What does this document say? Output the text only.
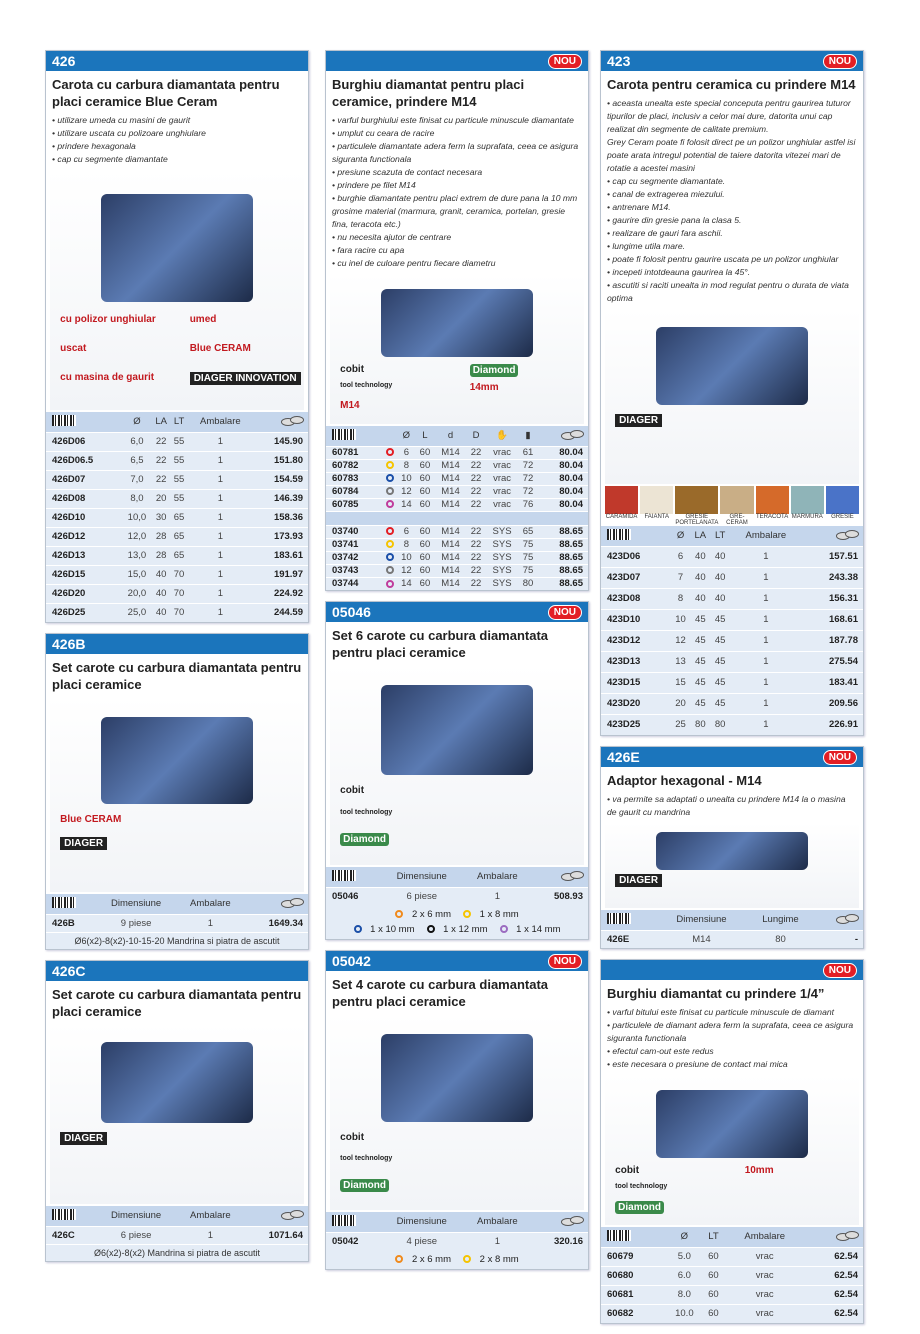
426
Carota cu carbura diamantata pentru placi ceramice Blue Ceram
• utilizare umeda cu masini de gaurit
• utilizare uscata cu polizoare unghiulare
• prindere hexagonala
• cap cu segmente diamantate
cu polizor unghiular
uscat
cu masina de gaurit
umed
Blue CERAM
DIAGER INNOVATION
	Ø	LA	LT	Ambalare	
426D06	6,0	22	55	1	145.90
426D06.5	6,5	22	55	1	151.80
426D07	7,0	22	55	1	154.59
426D08	8,0	20	55	1	146.39
426D10	10,0	30	65	1	158.36
426D12	12,0	28	65	1	173.93
426D13	13,0	28	65	1	183.61
426D15	15,0	40	70	1	191.97
426D20	20,0	40	70	1	224.92
426D25	25,0	40	70	1	244.59
426B
Set carote cu carbura diamantata pentru placi ceramice
Blue CERAM
DIAGER
	Dimensiune	Ambalare	
426B	9 piese	1	1649.34
Ø6(x2)-8(x2)-10-15-20 Mandrina si piatra de ascutit
426C
Set carote cu carbura diamantata pentru placi ceramice
DIAGER
	Dimensiune	Ambalare	
426C	6 piese	1	1071.64
Ø6(x2)-8(x2) Mandrina si piatra de ascutit
NOU
Burghiu diamantat pentru placi ceramice, prindere M14
• varful burghiului este finisat cu particule minuscule diamantate
• umplut cu ceara de racire
• particulele diamantate adera ferm la suprafata, ceea ce asigura siguranta functionala
• presiune scazuta de contact necesara
• prindere pe filet M14
• burghie diamantate pentru placi extrem de dure pana la 10 mm grosime material (marmura, granit, ceramica, portelan, gresie fina, teracota etc.)
• nu necesita ajutor de centrare
• fara racire cu apa
• cu inel de culoare pentru fiecare diametru
cobit
tool technology
M14
Diamond
14mm
		Ø	L	d	D	✋	▮	
60781		6	60	M14	22	vrac	61	80.04
60782		8	60	M14	22	vrac	72	80.04
60783		10	60	M14	22	vrac	72	80.04
60784		12	60	M14	22	vrac	72	80.04
60785		14	60	M14	22	vrac	76	80.04

03740		6	60	M14	22	SYS	65	88.65
03741		8	60	M14	22	SYS	75	88.65
03742		10	60	M14	22	SYS	75	88.65
03743		12	60	M14	22	SYS	75	88.65
03744		14	60	M14	22	SYS	80	88.65
05046	NOU
Set 6 carote cu carbura diamantata pentru placi ceramice
cobit
tool technology
Diamond
	Dimensiune	Ambalare	
05046	6 piese	1	508.93
2 x 6 mm	1 x 8 mm
1 x 10 mm	1 x 12 mm	1 x 14 mm
05042	NOU
Set 4 carote cu carbura diamantata pentru placi ceramice
cobit
tool technology
Diamond
	Dimensiune	Ambalare	
05042	4 piese	1	320.16
2 x 6 mm	2 x 8 mm
423	NOU
Carota pentru ceramica cu prindere M14
• aceasta unealta este special conceputa pentru gaurirea tuturor tipurilor de placi, inclusiv a celor mai dure, datorita unui cap realizat din segmente de calitate premium.
Grey Ceram poate fi folosit direct pe un polizor unghiular astfel isi poate arata intregul potential de taiere datorita vitezei mari de rotatie a acestei masini
• cap cu segmente diamantate.
• canal de extragerea miezului.
• antrenare M14.
• gaurire din gresie pana la clasa 5.
• realizare de gauri fara aschii.
• lungime utila mare.
• poate fi folosit pentru gaurire uscata pe un polizor unghiular
• incepeti intotdeauna gaurirea la 45°.
• ascutiti si raciti unealta in mod regulat pentru o durata de viata optima
DIAGER
CARAMIDA	FAIANTA	GRESIE PORTELANATA
GRE-CERAM
TERACOTA MARMURA	GRESIE
	Ø	LA	LT	Ambalare	
423D06	6	40	40	1	157.51
423D07	7	40	40	1	243.38
423D08	8	40	40	1	156.31
423D10	10	45	45	1	168.61
423D12	12	45	45	1	187.78
423D13	13	45	45	1	275.54
423D15	15	45	45	1	183.41
423D20	20	45	45	1	209.56
423D25	25	80	80	1	226.91
426E	NOU
Adaptor hexagonal - M14
• va permite sa adaptati o unealta cu prindere M14 la o masina de gaurit cu mandrina
DIAGER
	Dimensiune	Lungime	
426E	M14	80	-
NOU
Burghiu diamantat cu prindere 1/4”
• varful bitului este finisat cu particule minuscule de diamant
• particulele de diamant adera ferm la suprafata, ceea ce asigura siguranta functionala
• efectul cam-out este redus
• este necesara o presiune de contact mai mica
cobit
tool technology
Diamond
10mm
	Ø	LT	Ambalare	
60679	5.0	60	vrac	62.54
60680	6.0	60	vrac	62.54
60681	8.0	60	vrac	62.54
60682	10.0	60	vrac	62.54
